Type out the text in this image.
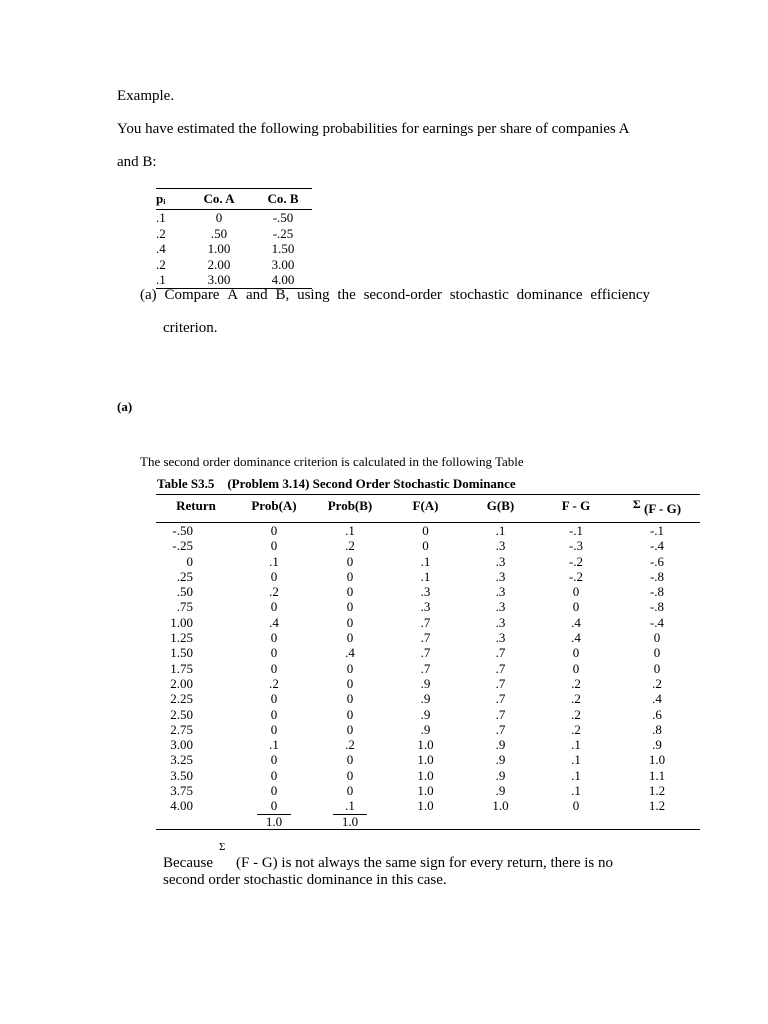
Example.
You have estimated the following probabilities for earnings per share of companies A
and B:
pᵢ	Co. A	Co. B
.1	0	-.50
.2	.50	-.25
.4	1.00	1.50
.2	2.00	3.00
.1	3.00	4.00
(a) Compare A and B, using the second-order stochastic dominance efficiency
criterion.
(a)
The second order dominance criterion is calculated in the following Table
Table S3.5    (Problem 3.14) Second Order Stochastic Dominance
Return	Prob(A)	Prob(B)	F(A)	G(B)	F - G	Σ (F - G)
-.50	0	.1	0	.1	-.1	-.1
-.25	0	.2	0	.3	-.3	-.4
0	.1	0	.1	.3	-.2	-.6
.25	0	0	.1	.3	-.2	-.8
.50	.2	0	.3	.3	0	-.8
.75	0	0	.3	.3	0	-.8
1.00	.4	0	.7	.3	.4	-.4
1.25	0	0	.7	.3	.4	0
1.50	0	.4	.7	.7	0	0
1.75	0	0	.7	.7	0	0
2.00	.2	0	.9	.7	.2	.2
2.25	0	0	.9	.7	.2	.4
2.50	0	0	.9	.7	.2	.6
2.75	0	0	.9	.7	.2	.8
3.00	.1	.2	1.0	.9	.1	.9
3.25	0	0	1.0	.9	.1	1.0
3.50	0	0	1.0	.9	.1	1.1
3.75	0	0	1.0	.9	.1	1.2
4.00	0	.1	1.0	1.0	0	1.2
	1.0	1.0				
Σ
Because (F - G) is not always the same sign for every return, there is no
second order stochastic dominance in this case.
